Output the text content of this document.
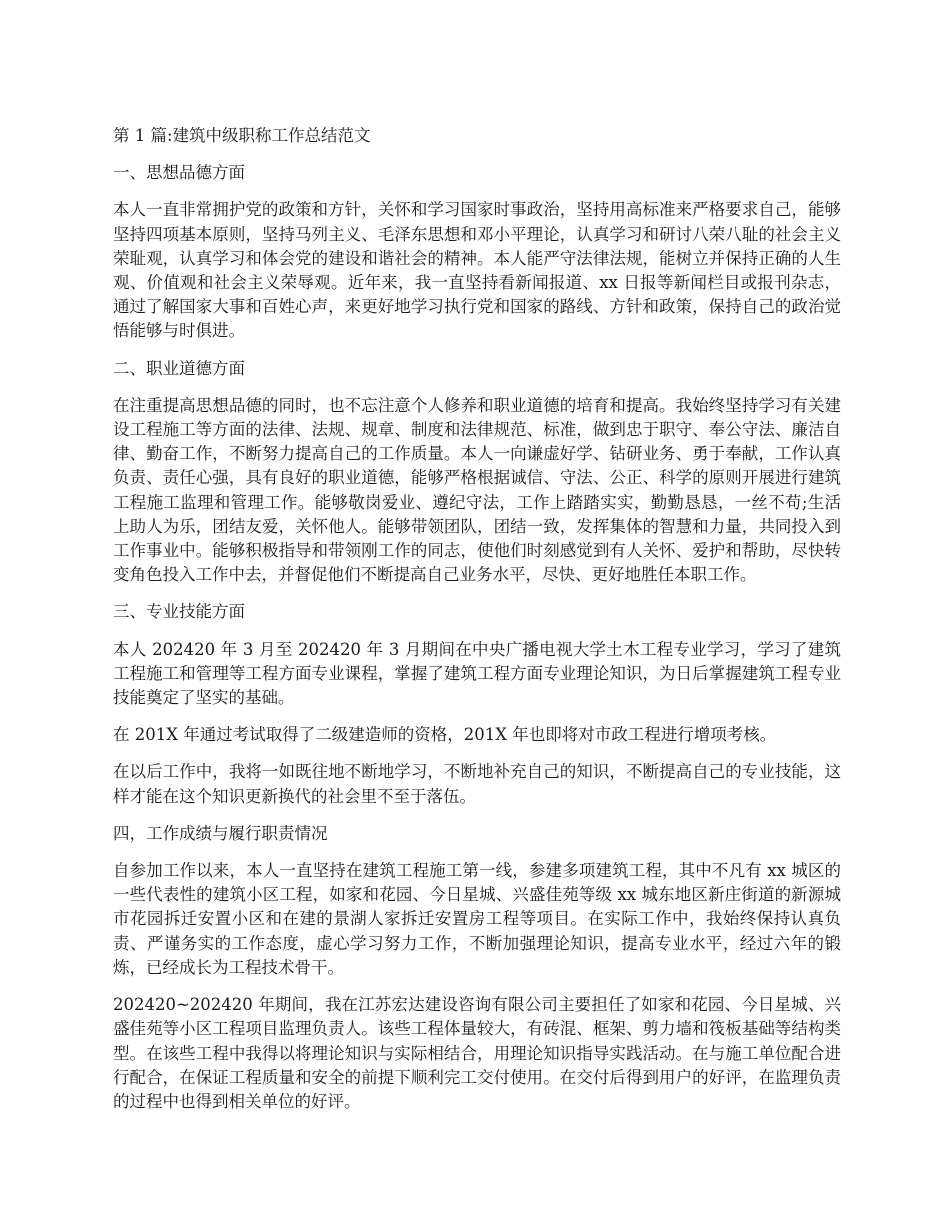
第 1 篇:建筑中级职称工作总结范文

一、思想品德方面

本人一直非常拥护党的政策和方针，关怀和学习国家时事政治，坚持用高标准来严格要求自己，能够坚持四项基本原则，坚持马列主义、毛泽东思想和邓小平理论，认真学习和研讨八荣八耻的社会主义荣耻观，认真学习和体会党的建设和谐社会的精神。本人能严守法律法规，能树立并保持正确的人生观、价值观和社会主义荣辱观。近年来，我一直坚持看新闻报道、xx 日报等新闻栏目或报刊杂志，通过了解国家大事和百姓心声，来更好地学习执行党和国家的路线、方针和政策，保持自己的政治觉悟能够与时俱进。

二、职业道德方面

在注重提高思想品德的同时，也不忘注意个人修养和职业道德的培育和提高。我始终坚持学习有关建设工程施工等方面的法律、法规、规章、制度和法律规范、标准，做到忠于职守、奉公守法、廉洁自律、勤奋工作，不断努力提高自己的工作质量。本人一向谦虚好学、钻研业务、勇于奉献，工作认真负责、责任心强，具有良好的职业道德，能够严格根据诚信、守法、公正、科学的原则开展进行建筑工程施工监理和管理工作。能够敬岗爱业、遵纪守法，工作上踏踏实实，勤勤恳恳，一丝不苟;生活上助人为乐，团结友爱，关怀他人。能够带领团队，团结一致，发挥集体的智慧和力量，共同投入到工作事业中。能够积极指导和带领刚工作的同志，使他们时刻感觉到有人关怀、爱护和帮助，尽快转变角色投入工作中去，并督促他们不断提高自己业务水平，尽快、更好地胜任本职工作。

三、专业技能方面

本人 202420 年 3 月至 202420 年 3 月期间在中央广播电视大学土木工程专业学习，学习了建筑工程施工和管理等工程方面专业课程，掌握了建筑工程方面专业理论知识，为日后掌握建筑工程专业技能奠定了坚实的基础。

在 201X 年通过考试取得了二级建造师的资格，201X 年也即将对市政工程进行增项考核。

在以后工作中，我将一如既往地不断地学习，不断地补充自己的知识，不断提高自己的专业技能，这样才能在这个知识更新换代的社会里不至于落伍。

四，工作成绩与履行职责情况

自参加工作以来，本人一直坚持在建筑工程施工第一线，参建多项建筑工程，其中不凡有 xx 城区的一些代表性的建筑小区工程，如家和花园、今日星城、兴盛佳苑等级 xx 城东地区新庄街道的新源城市花园拆迁安置小区和在建的景湖人家拆迁安置房工程等项目。在实际工作中，我始终保持认真负责、严谨务实的工作态度，虚心学习努力工作，不断加强理论知识，提高专业水平，经过六年的锻炼，已经成长为工程技术骨干。

202420~202420 年期间，我在江苏宏达建设咨询有限公司主要担任了如家和花园、今日星城、兴盛佳苑等小区工程项目监理负责人。该些工程体量较大，有砖混、框架、剪力墙和筏板基础等结构类型。在该些工程中我得以将理论知识与实际相结合，用理论知识指导实践活动。在与施工单位配合进行配合，在保证工程质量和安全的前提下顺利完工交付使用。在交付后得到用户的好评，在监理负责的过程中也得到相关单位的好评。
